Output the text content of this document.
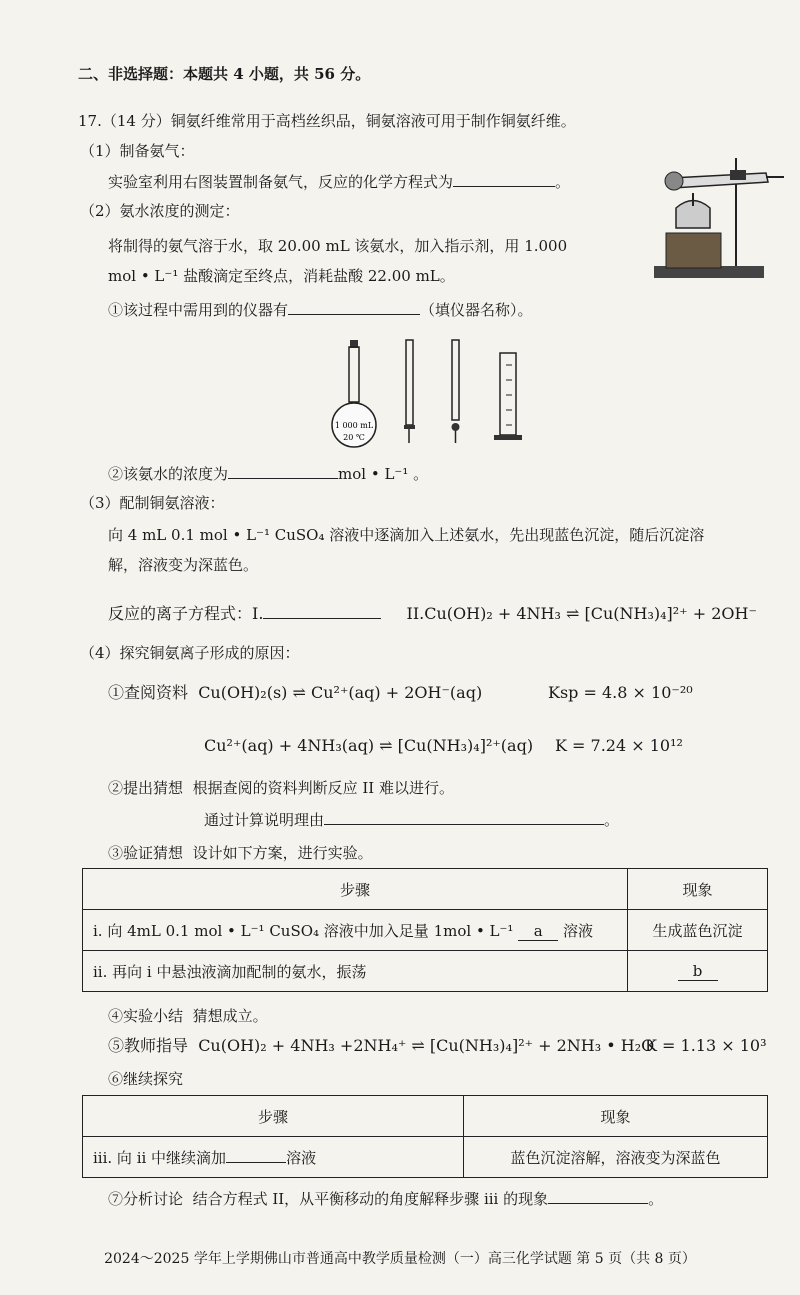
二、非选择题：本题共 4 小题，共 56 分。
17.（14 分）铜氨纤维常用于高档丝织品，铜氨溶液可用于制作铜氨纤维。
（1）制备氨气：
实验室利用右图装置制备氨气，反应的化学方程式为	。
（2）氨水浓度的测定：
将制得的氨气溶于水，取 20.00 mL 该氨水，加入指示剂，用 1.000
mol • L⁻¹ 盐酸滴定至终点，消耗盐酸 22.00 mL。
①该过程中需用到的仪器有	（填仪器名称）。
1 000 mL
20 ℃
②该氨水的浓度为	mol • L⁻¹ 。
（3）配制铜氨溶液：
向 4 mL 0.1 mol • L⁻¹ CuSO₄ 溶液中逐滴加入上述氨水，先出现蓝色沉淀，随后沉淀溶
解，溶液变为深蓝色。
反应的离子方程式：I.	II.Cu(OH)₂ + 4NH₃ ⇌ [Cu(NH₃)₄]²⁺ + 2OH⁻
（4）探究铜氨离子形成的原因：
①查阅资料 Cu(OH)₂(s) ⇌ Cu²⁺(aq) + 2OH⁻(aq)	Ksp = 4.8 × 10⁻²⁰
Cu²⁺(aq) + 4NH₃(aq) ⇌ [Cu(NH₃)₄]²⁺(aq) K = 7.24 × 10¹²
②提出猜想 根据查阅的资料判断反应 II 难以进行。
通过计算说明理由	。
③验证猜想 设计如下方案，进行实验。
步骤	现象
i. 向 4mL 0.1 mol • L⁻¹ CuSO₄ 溶液中加入足量 1mol • L⁻¹ a 溶液	生成蓝色沉淀
ii. 再向 i 中悬浊液滴加配制的氨水，振荡	b
④实验小结 猜想成立。
⑤教师指导 Cu(OH)₂ + 4NH₃ +2NH₄⁺ ⇌ [Cu(NH₃)₄]²⁺ + 2NH₃ • H₂O
K = 1.13 × 10³
⑥继续探究
步骤	现象
iii. 向 ii 中继续滴加 溶液	蓝色沉淀溶解，溶液变为深蓝色
⑦分析讨论 结合方程式 II，从平衡移动的角度解释步骤 iii 的现象	。
2024～2025 学年上学期佛山市普通高中教学质量检测（一）高三化学试题 第 5 页（共 8 页）
